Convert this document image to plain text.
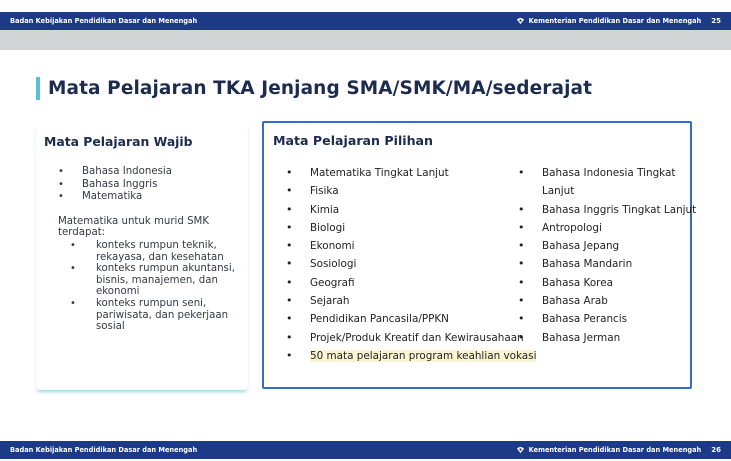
Badan Kebijakan Pendidikan Dasar dan Menengah	Kementerian Pendidikan Dasar dan Menengah 25
Mata Pelajaran TKA Jenjang SMA/SMK/MA/sederajat
Mata Pelajaran Wajib
• Bahasa Indonesia
• Bahasa Inggris
• Matematika
Matematika untuk murid SMK terdapat:
• konteks rumpun teknik, rekayasa, dan kesehatan
• konteks rumpun akuntansi, bisnis, manajemen, dan ekonomi
• konteks rumpun seni, pariwisata, dan pekerjaan sosial
Mata Pelajaran Pilihan
• Matematika Tingkat Lanjut
• Fisika
• Kimia
• Biologi
• Ekonomi
• Sosiologi
• Geografi
• Sejarah
• Pendidikan Pancasila/PPKN
• Projek/Produk Kreatif dan Kewirausahaan
• 50 mata pelajaran program keahlian vokasi
• Bahasa Indonesia Tingkat Lanjut
• Bahasa Inggris Tingkat Lanjut
• Antropologi
• Bahasa Jepang
• Bahasa Mandarin
• Bahasa Korea
• Bahasa Arab
• Bahasa Perancis
• Bahasa Jerman
Badan Kebijakan Pendidikan Dasar dan Menengah	Kementerian Pendidikan Dasar dan Menengah 26
